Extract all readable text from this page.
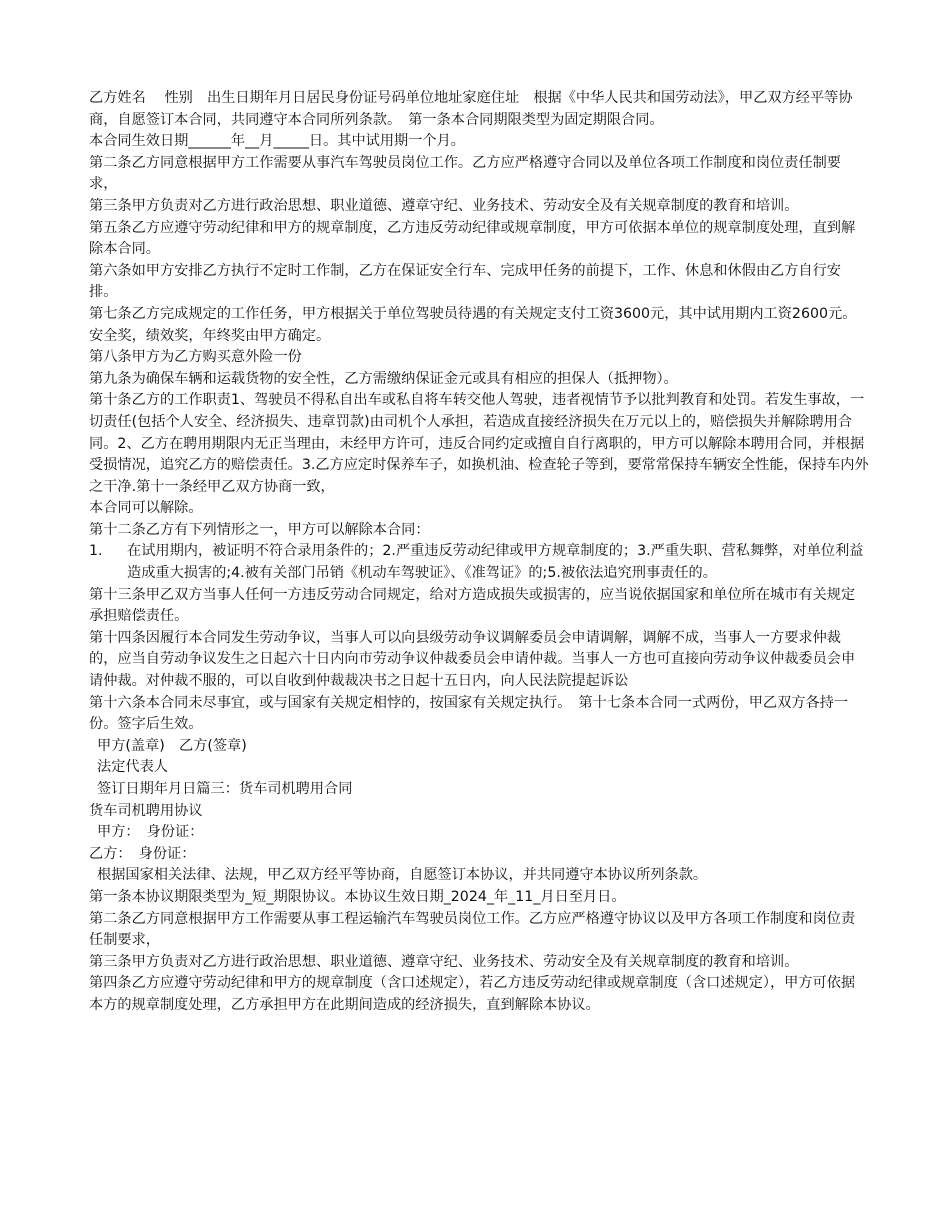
乙方姓名　 性别　出生日期年月日居民身份证号码单位地址家庭住址　根据《中华人民共和国劳动法》，甲乙双方经平等协商，自愿签订本合同，共同遵守本合同所列条款。　第一条本合同期限类型为固定期限合同。

本合同生效日期______年__月_____日。其中试用期一个月。

第二条乙方同意根据甲方工作需要从事汽车驾驶员岗位工作。乙方应严格遵守合同以及单位各项工作制度和岗位责任制要求，

第三条甲方负责对乙方进行政治思想、职业道德、遵章守纪、业务技术、劳动安全及有关规章制度的教育和培训。

第五条乙方应遵守劳动纪律和甲方的规章制度，乙方违反劳动纪律或规章制度，甲方可依据本单位的规章制度处理，直到解除本合同。

第六条如甲方安排乙方执行不定时工作制，乙方在保证安全行车、完成甲任务的前提下，工作、休息和休假由乙方自行安排。

第七条乙方完成规定的工作任务，甲方根据关于单位驾驶员待遇的有关规定支付工资3600元，其中试用期内工资2600元。安全奖，绩效奖，年终奖由甲方确定。

第八条甲方为乙方购买意外险一份

第九条为确保车辆和运载货物的安全性，乙方需缴纳保证金元或具有相应的担保人（抵押物）。

第十条乙方的工作职责1、驾驶员不得私自出车或私自将车转交他人驾驶，违者视情节予以批判教育和处罚。若发生事故，一切责任(包括个人安全、经济损失、违章罚款)由司机个人承担，若造成直接经济损失在万元以上的，赔偿损失并解除聘用合同。2、乙方在聘用期限内无正当理由，未经甲方许可，违反合同约定或擅自自行离职的，甲方可以解除本聘用合同，并根据受损情况，追究乙方的赔偿责任。3.乙方应定时保养车子，如换机油、检查轮子等到，要常常保持车辆安全性能，保持车内外之干净.第十一条经甲乙双方协商一致，

本合同可以解除。

第十二条乙方有下列情形之一，甲方可以解除本合同：

1.	在试用期内，被证明不符合录用条件的；2.严重违反劳动纪律或甲方规章制度的；3.严重失职、营私舞弊，对单位利益造成重大损害的;4.被有关部门吊销《机动车驾驶证》、《准驾证》的;5.被依法追究刑事责任的。

第十三条甲乙双方当事人任何一方违反劳动合同规定，给对方造成损失或损害的，应当说依据国家和单位所在城市有关规定承担赔偿责任。

第十四条因履行本合同发生劳动争议，当事人可以向县级劳动争议调解委员会申请调解，调解不成，当事人一方要求仲裁的，应当自劳动争议发生之日起六十日内向市劳动争议仲裁委员会申请仲裁。当事人一方也可直接向劳动争议仲裁委员会申请仲裁。对仲裁不服的，可以自收到仲裁裁决书之日起十五日内，向人民法院提起诉讼

第十六条本合同未尽事宜，或与国家有关规定相悖的，按国家有关规定执行。　第十七条本合同一式两份，甲乙双方各持一份。签字后生效。

甲方(盖章)　乙方(签章)

法定代表人

签订日期年月日篇三：货车司机聘用合同

货车司机聘用协议

甲方：　身份证：

乙方：　身份证：

根据国家相关法律、法规，甲乙双方经平等协商，自愿签订本协议，并共同遵守本协议所列条款。

第一条本协议期限类型为_短_期限协议。本协议生效日期_2024_年_11_月日至月日。

第二条乙方同意根据甲方工作需要从事工程运输汽车驾驶员岗位工作。乙方应严格遵守协议以及甲方各项工作制度和岗位责任制要求，

第三条甲方负责对乙方进行政治思想、职业道德、遵章守纪、业务技术、劳动安全及有关规章制度的教育和培训。

第四条乙方应遵守劳动纪律和甲方的规章制度（含口述规定），若乙方违反劳动纪律或规章制度（含口述规定），甲方可依据本方的规章制度处理，乙方承担甲方在此期间造成的经济损失，直到解除本协议。
